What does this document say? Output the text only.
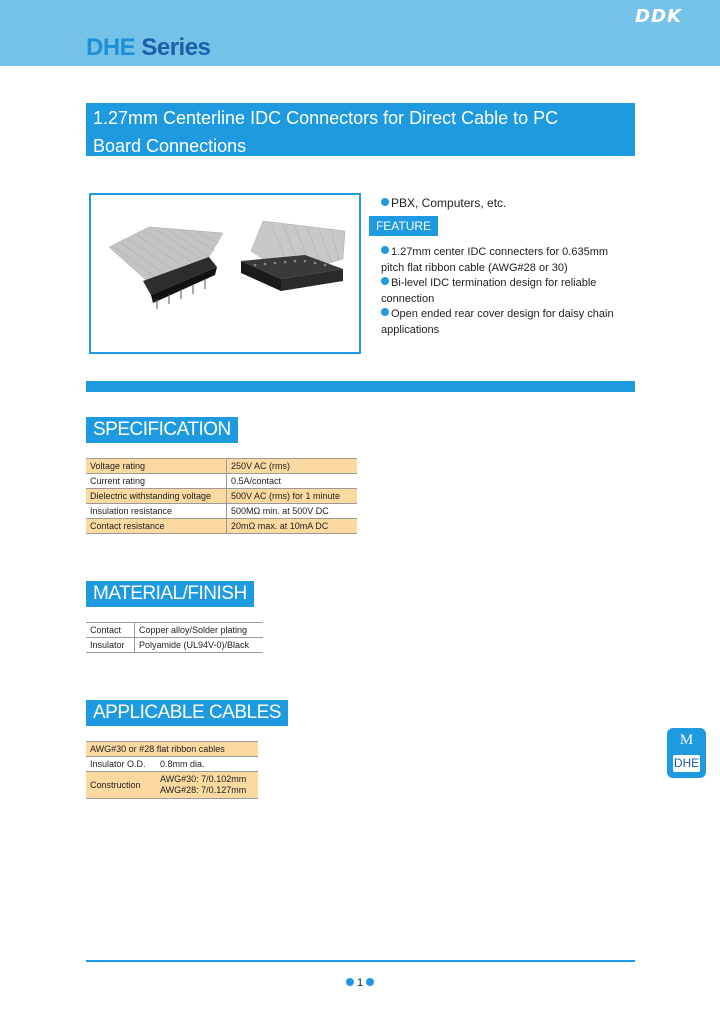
DDK
DHE Series
1.27mm Centerline IDC Connectors for Direct Cable to PC
Board Connections
PBX, Computers, etc.
FEATURE
1.27mm center IDC connecters for 0.635mm pitch flat ribbon cable (AWG#28 or 30)
Bi-level IDC termination design for reliable connection
Open ended rear cover design for daisy chain applications
SPECIFICATION
Voltage rating	250V AC (rms)
Current rating	0.5A/contact
Dielectric withstanding voltage	500V AC (rms) for 1 minute
Insulation resistance	500MΩ min. at 500V DC
Contact resistance	20mΩ max. at 10mA DC
MATERIAL/FINISH
Contact	Copper alloy/Solder plating
Insulator	Polyamide (UL94V-0)/Black
APPLICABLE CABLES
AWG#30 or #28 flat ribbon cables	
Insulator O.D.	0.8mm dia.
Construction	AWG#30: 7/0.102mm
AWG#28: 7/0.127mm
M
DHE
1
